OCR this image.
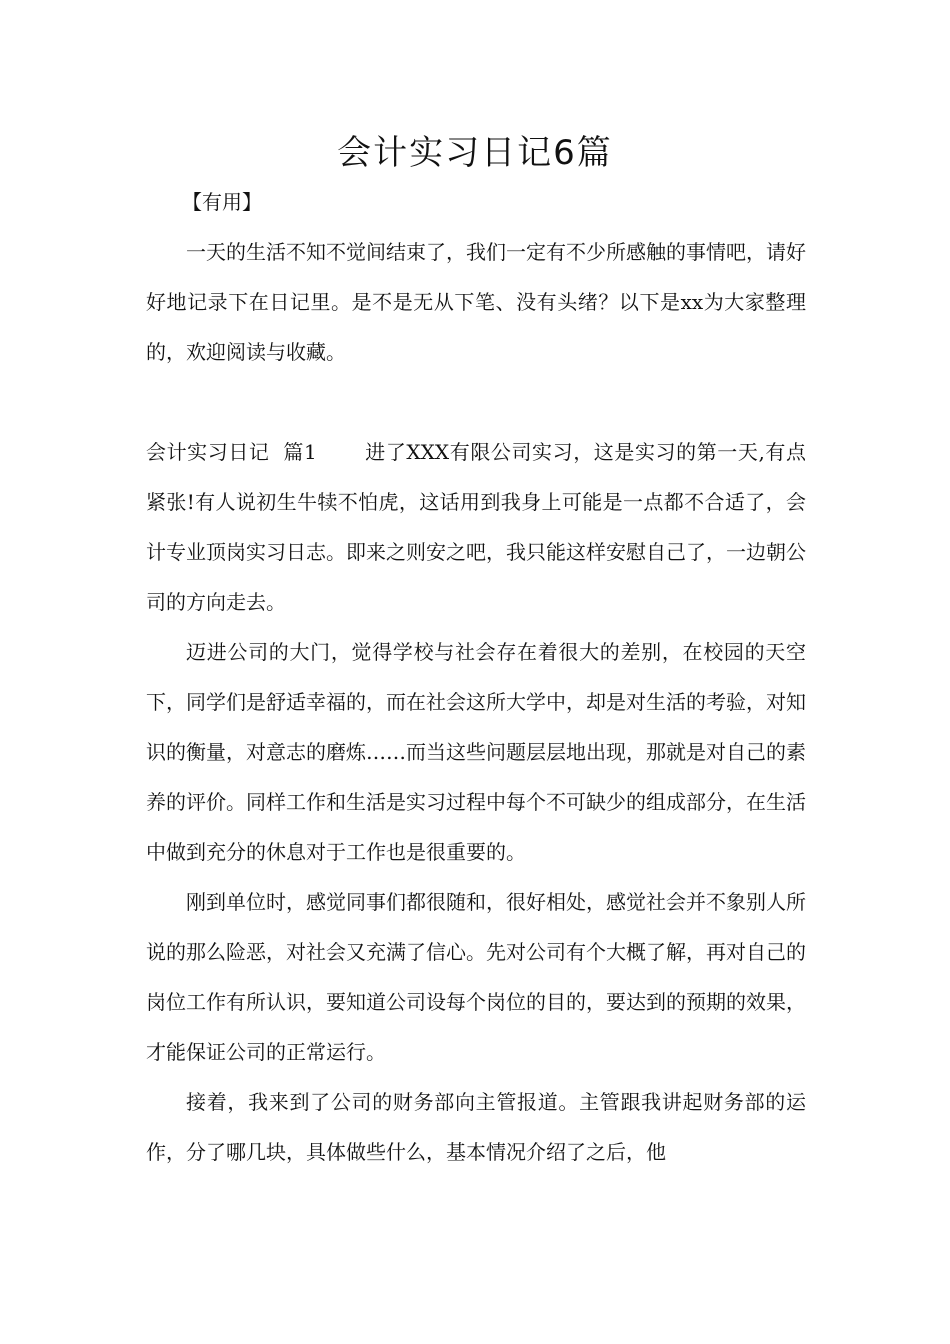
会计实习日记6篇
【有用】

一天的生活不知不觉间结束了，我们一定有不少所感触的事情吧，请好好地记录下在日记里。是不是无从下笔、没有头绪？以下是xx为大家整理的，欢迎阅读与收藏。

会计实习日记  篇1 进了XXX有限公司实习，这是实习的第一天,有点紧张!有人说初生牛犊不怕虎，这话用到我身上可能是一点都不合适了，会计专业顶岗实习日志。即来之则安之吧，我只能这样安慰自己了，一边朝公司的方向走去。

迈进公司的大门，觉得学校与社会存在着很大的差别，在校园的天空下，同学们是舒适幸福的，而在社会这所大学中，却是对生活的考验，对知识的衡量，对意志的磨炼……而当这些问题层层地出现，那就是对自己的素养的评价。同样工作和生活是实习过程中每个不可缺少的组成部分，在生活中做到充分的休息对于工作也是很重要的。

刚到单位时，感觉同事们都很随和，很好相处，感觉社会并不象别人所说的那么险恶，对社会又充满了信心。先对公司有个大概了解，再对自己的岗位工作有所认识，要知道公司设每个岗位的目的，要达到的预期的效果，才能保证公司的正常运行。

接着，我来到了公司的财务部向主管报道。主管跟我讲起财务部的运作，分了哪几块，具体做些什么，基本情况介绍了之后，他
